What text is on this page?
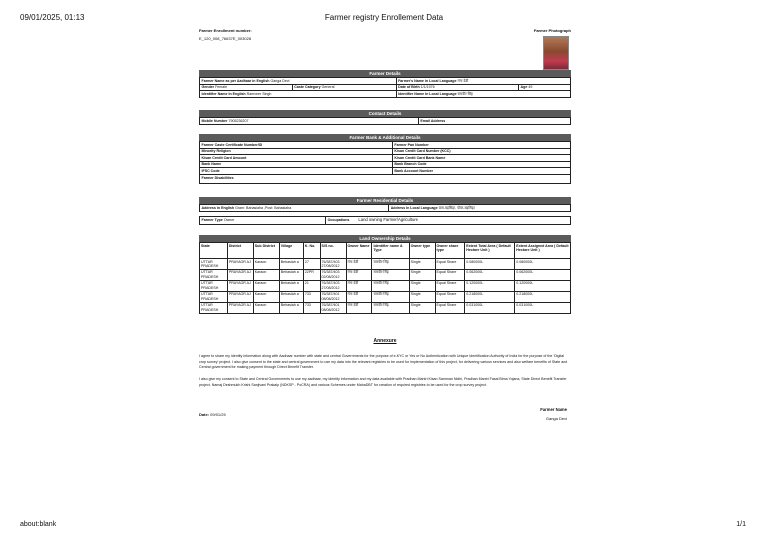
09/01/2025, 01:13	Farmer registry Enrollement Data
Farmer Enrollment number:
E_120_008_76637E_003028
Farmer Photograph
Farmer Details
Farmer Name as per Aadhaar in English Ganga Devi		Farmer's Name in Local Language गंगा देवी	
Gender Female	Caste Category General	Date of Birth 1/1/1976	Age 49
Identifier Name In English Ramveer Singh		Identifier Name In Local Language रामवीर सिंह	
Contact Details
Mobile Number 7905236207	Email Address
Farmer Bank & Additional Details
Farmer Caste Certificate Number/ID	Farmer Pan Number
Minority Religion	Kisan Credit Card Number (KCC)
Kisan Credit Card Amount	Kisan Credit Card Bank Name
Bank Name	Bank Branch Code
IFSC Code	Bank Account Number
Farmer Disabilities	
Farmer Residential Details
Address In English Gram: Bahasiaha ,Post: Bahasiaha	Address In Local Language ग्राम-बहसिहा, पोस्ट-बहसिहा
Farmer Type Owner	Occupations Land owning Farmer/Agriculture
Land Ownership Details
State	District	Sub District	Village	K. No.	S/S no.	Owner Name	Identifier name & Type	Owner type	Owner share type	Extent Total Area ( Default Hectare Unit )	Extent Assigned Area ( Default Hectare Unit )
UTTAR PRADESH	PRAYAGR AJ	Karaon	Behasiah a	27	76/387/403 27/08/2012	गंगा देवी	रामवीर सिंह	Single	Equal Share	0.080000L	0.080000L
UTTAR PRADESH	PRAYAGR AJ	Karaon	Behasiah a	22PR	76/387/403 02/08/2012	गंगा देवी	रामवीर सिंह	Single	Equal Share	0.062000L	0.062000L
UTTAR PRADESH	PRAYAGR AJ	Karaon	Behasiah a	21	76/387/403 27/08/2012	गंगा देवी	रामवीर सिंह	Single	Equal Share	0.120000L	0.120000L
UTTAR PRADESH	PRAYAGR AJ	Karaon	Behasiah a	733	76/387/401 08/08/2012	गंगा देवी	रामवीर सिंह	Single	Equal Share	0.218000L	0.218000L
UTTAR PRADESH	PRAYAGR AJ	Karaon	Behasiah a	733	76/387/401 08/08/2012	गंगा देवी	रामवीर सिंह	Single	Equal Share	0.031000L	0.031000L
Annexure
I agree to share my identity information along with Aadhaar number with state and central Governments for the purpose of e-KYC or Yes or No Authentication with Unique Identification Authority of India for the purpose of the 'Digital crop survey' project. I also give consent to the state and central government to use my data into the relevant registries to be used for implementation of this project, for delivering various services and also welfare benefits of State and Central government for making payment through Direct Benefit Transfer.
I also give my consent to State and Central Governments to use my aadhaar, my identity information and my data available with Pradhan Mantri Kisan Samman Nidhi, Pradhan Mantri Fasal Bima Yojana, State Direct Benefit Transfer project, Namaj Deshmukh Krishi Sanjivani Prakalp (NDKSP - PoCRA) and various Schemes under MahaDBT for creation of required registries to be used for the crop survey project.
Date: 09/01/25
Farmer Name
Ganga Devi
about:blank	1/1
